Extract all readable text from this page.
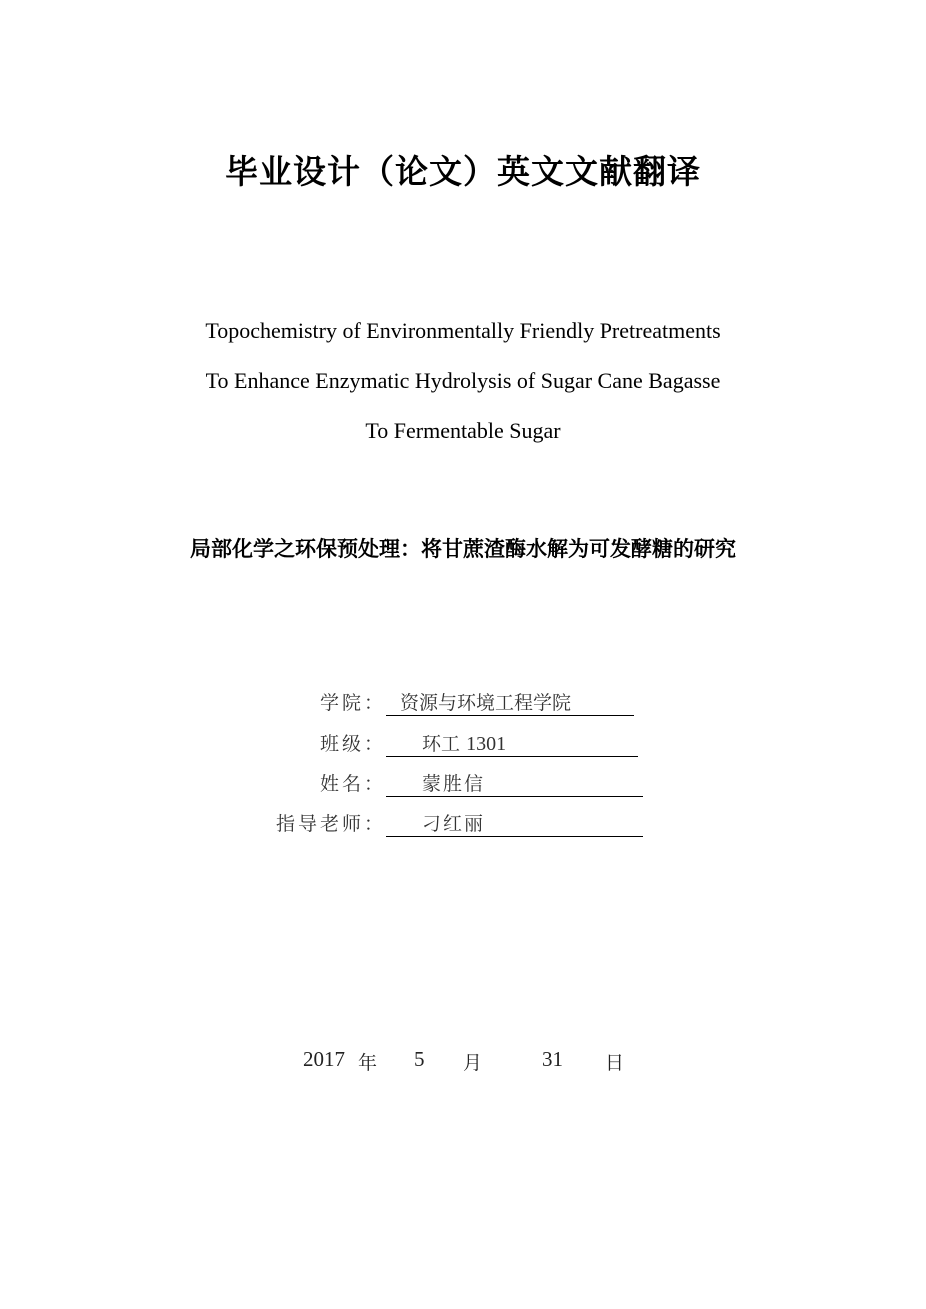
毕业设计（论文）英文文献翻译
Topochemistry of Environmentally Friendly Pretreatments
To Enhance Enzymatic Hydrolysis of Sugar Cane Bagasse
To Fermentable Sugar
局部化学之环保预处理：将甘蔗渣酶水解为可发酵糖的研究
学院： 资源与环境工程学院
班级：	环工 1301
姓名：	蒙胜信
指导老师：	刁红丽
2017 年 5 月	31 日
